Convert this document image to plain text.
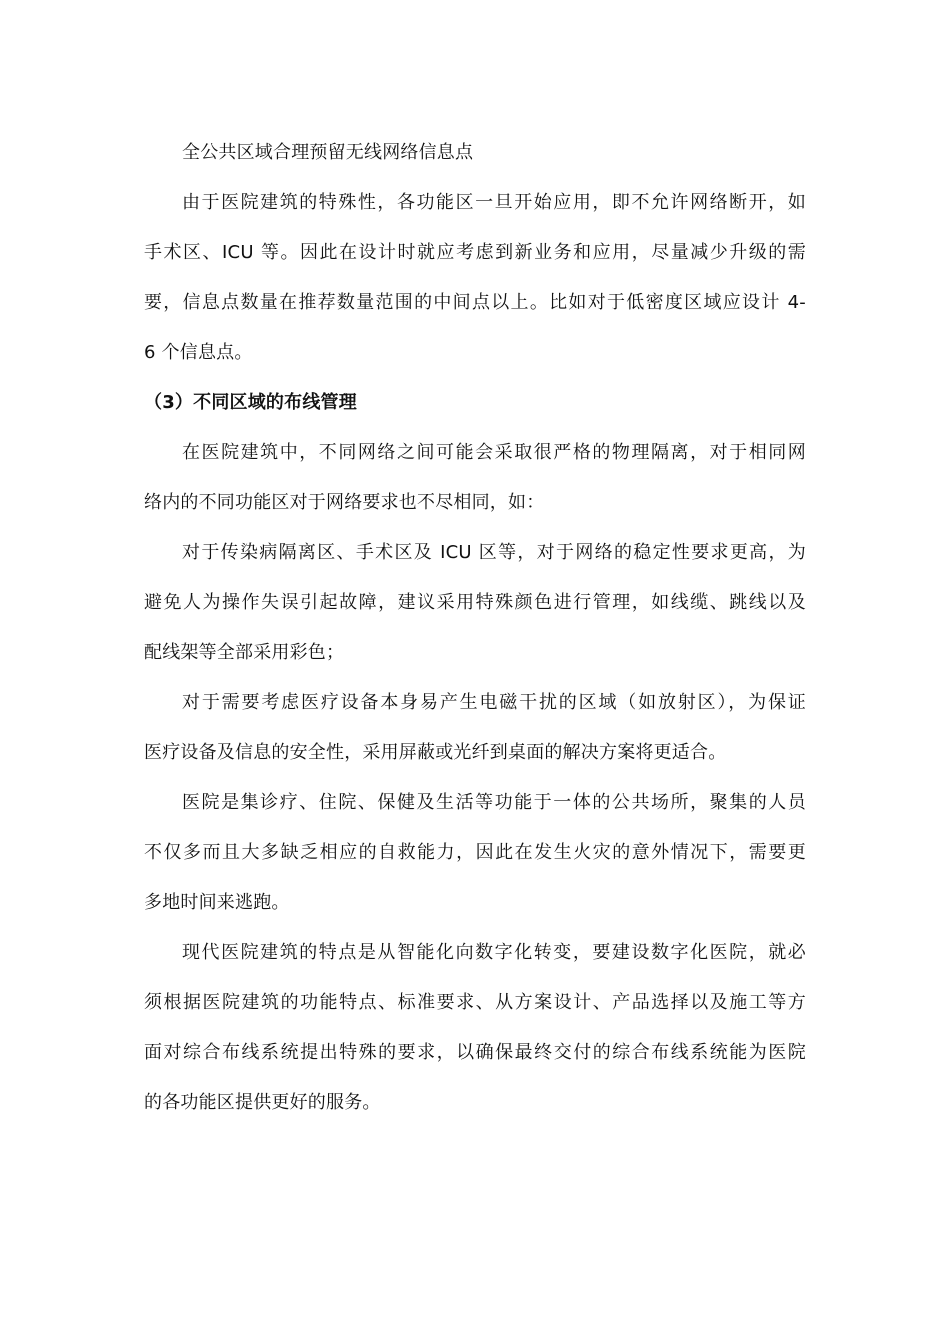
全公共区域合理预留无线网络信息点
由于医院建筑的特殊性，各功能区一旦开始应用，即不允许网络断开，如
手术区、ICU 等。因此在设计时就应考虑到新业务和应用，尽量减少升级的需
要，信息点数量在推荐数量范围的中间点以上。比如对于低密度区域应设计 4-
6 个信息点。
（3）不同区域的布线管理
在医院建筑中，不同网络之间可能会采取很严格的物理隔离，对于相同网
络内的不同功能区对于网络要求也不尽相同，如：
对于传染病隔离区、手术区及 ICU 区等，对于网络的稳定性要求更高，为
避免人为操作失误引起故障，建议采用特殊颜色进行管理，如线缆、跳线以及
配线架等全部采用彩色；
对于需要考虑医疗设备本身易产生电磁干扰的区域（如放射区），为保证
医疗设备及信息的安全性，采用屏蔽或光纤到桌面的解决方案将更适合。
医院是集诊疗、住院、保健及生活等功能于一体的公共场所，聚集的人员
不仅多而且大多缺乏相应的自救能力，因此在发生火灾的意外情况下，需要更
多地时间来逃跑。
现代医院建筑的特点是从智能化向数字化转变，要建设数字化医院，就必
须根据医院建筑的功能特点、标准要求、从方案设计、产品选择以及施工等方
面对综合布线系统提出特殊的要求，以确保最终交付的综合布线系统能为医院
的各功能区提供更好的服务。
